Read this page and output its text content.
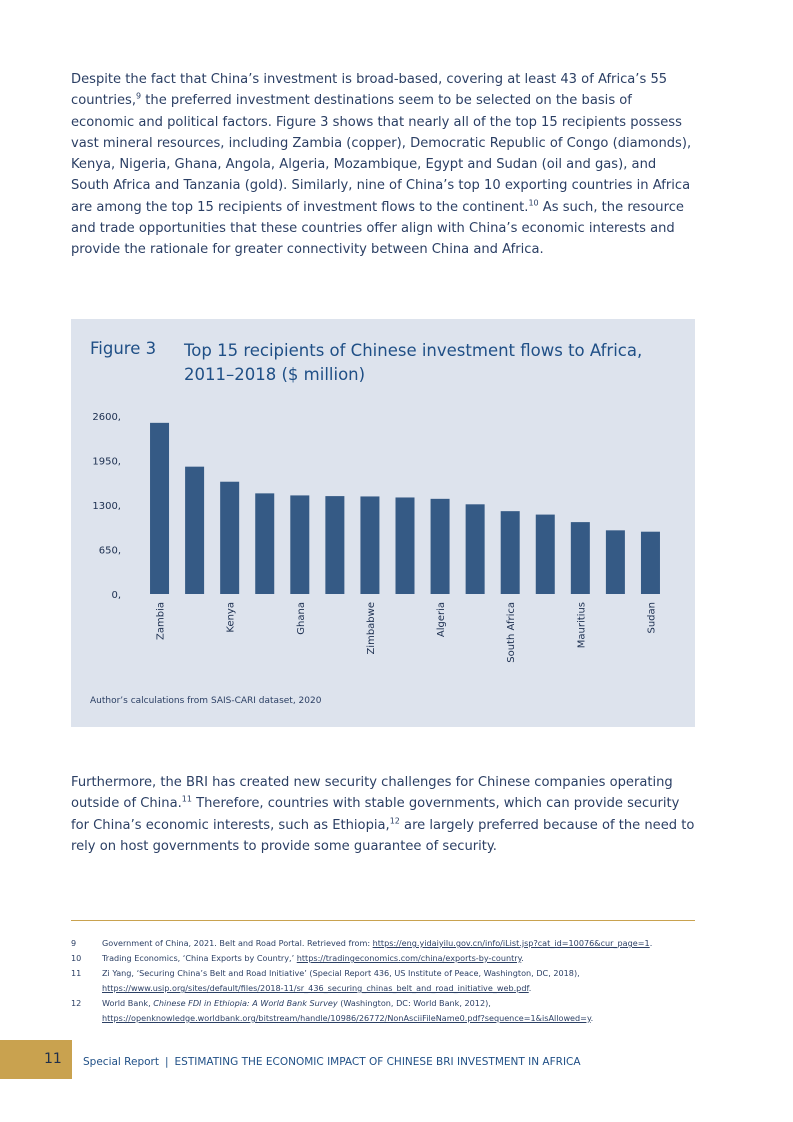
Despite the fact that China’s investment is broad-based, covering at least 43 of Africa’s 55 countries,$^9$ the preferred investment destinations seem to be selected on the basis of economic and political factors. Figure 3 shows that nearly all of the top 15 recipients possess vast mineral resources, including Zambia (copper), Democratic Republic of Congo (diamonds), Kenya, Nigeria, Ghana, Angola, Algeria, Mozambique, Egypt and Sudan (oil and gas), and South Africa and Tanzania (gold). Similarly, nine of China’s top 10 exporting countries in Africa are among the top 15 recipients of investment flows to the continent.$^{10}$ As such, the resource and trade opportunities that these countries offer align with China’s economic interests and provide the rationale for greater connectivity between China and Africa.

0,
650,
1300,
1950,
2600,
Zambia	Kenya	Ghana	Zimbabwe	Algeria	South Africa	Mauritius	Sudan
Figure 3 Top 15 recipients of Chinese investment flows to Africa, 2011–2018 ($ million)
Author’s calculations from SAIS-CARI dataset, 2020

Furthermore, the BRI has created new security challenges for Chinese companies operating outside of China.$^{11}$ Therefore, countries with stable governments, which can provide security for China’s economic interests, such as Ethiopia,$^{12}$ are largely preferred because of the need to rely on host governments to provide some guarantee of security.

9	Government of China, 2021. Belt and Road Portal. Retrieved from: https://eng.yidaiyilu.gov.cn/info/iList.jsp?cat_id=10076&cur_page=1.
10	Trading Economics, ‘China Exports by Country,’ https://tradingeconomics.com/china/exports-by-country.
11	Zi Yang, ‘Securing China’s Belt and Road Initiative’ (Special Report 436, US Institute of Peace, Washington, DC, 2018), https://www.usip.org/sites/default/files/2018-11/sr_436_securing_chinas_belt_and_road_initiative_web.pdf.
12	World Bank, Chinese FDI in Ethiopia: A World Bank Survey (Washington, DC: World Bank, 2012), https://openknowledge.worldbank.org/bitstream/handle/10986/26772/NonAsciiFileName0.pdf?sequence=1&isAllowed=y.
11 Special Report | ESTIMATING THE ECONOMIC IMPACT OF CHINESE BRI INVESTMENT IN AFRICA
